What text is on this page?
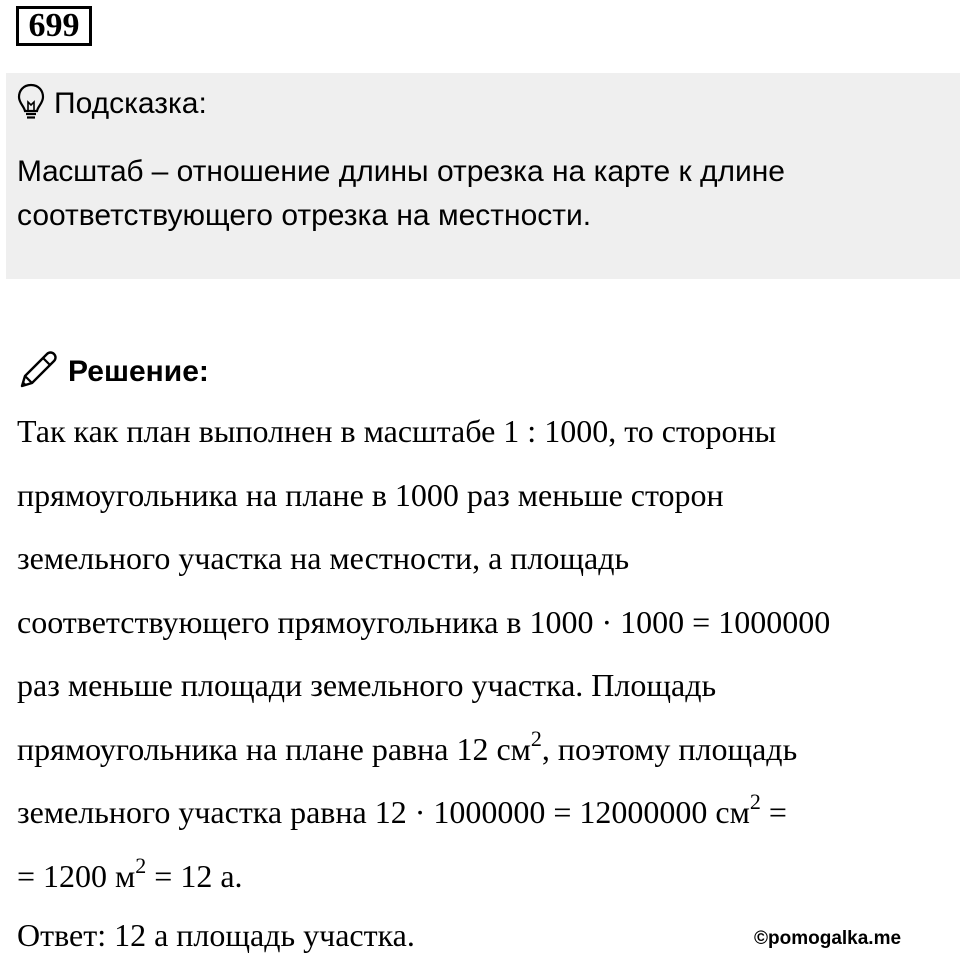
699
Подсказка:
Масштаб – отношение длины отрезка на карте к длине
соответствующего отрезка на местности.
Решение:
Так как план выполнен в масштабе 1 : 1000, то стороны
прямоугольника на плане в 1000 раз меньше сторон
земельного участка на местности, а площадь
соответствующего прямоугольника в 1000 · 1000 = 1000000
раз меньше площади земельного участка. Площадь
прямоугольника на плане равна 12 $см^2$, поэтому площадь
земельного участка равна 12 · 1000000 = 12000000 $см^2$ =
= 1200 $м^2 = 12$ а.
Ответ: 12 а площадь участка.	©pomogalka.me
